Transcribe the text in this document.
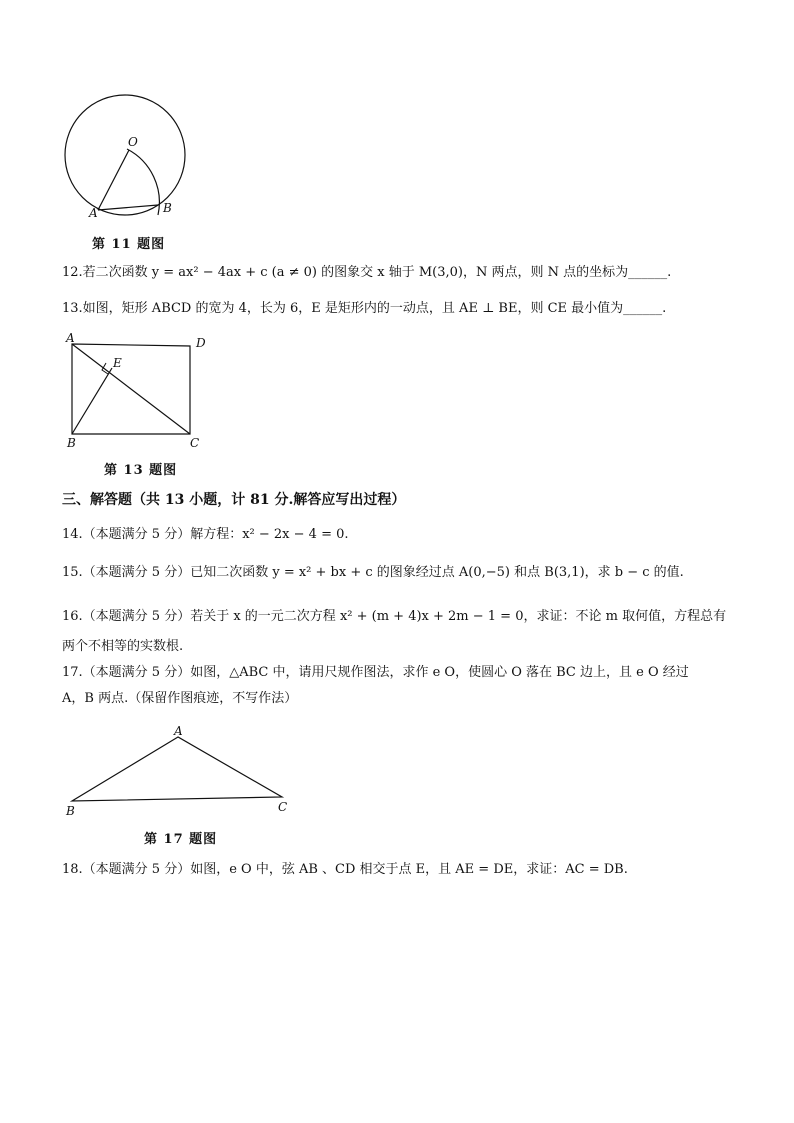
O
A	B
第 11 题图
12.若二次函数 y = ax² − 4ax + c (a ≠ 0) 的图象交 x 轴于 M(3,0)，N 两点，则 N 点的坐标为______.
13.如图，矩形 ABCD 的宽为 4，长为 6，E 是矩形内的一动点，且 AE ⊥ BE，则 CE 最小值为______.
A	D
E
B	C
第 13 题图
三、解答题（共 13 小题，计 81 分.解答应写出过程）
14.（本题满分 5 分）解方程：x² − 2x − 4 = 0.
15.（本题满分 5 分）已知二次函数 y = x² + bx + c 的图象经过点 A(0,−5) 和点 B(3,1)，求 b − c 的值.
16.（本题满分 5 分）若关于 x 的一元二次方程 x² + (m + 4)x + 2m − 1 = 0，求证：不论 m 取何值，方程总有
两个不相等的实数根.
17.（本题满分 5 分）如图，△ABC 中，请用尺规作图法，求作 e O，使圆心 O 落在 BC 边上，且 e O 经过
A，B 两点.（保留作图痕迹，不写作法）
A
B	C
第 17 题图
18.（本题满分 5 分）如图，e O 中，弦 AB 、CD 相交于点 E，且 AE = DE，求证：AC = DB.
